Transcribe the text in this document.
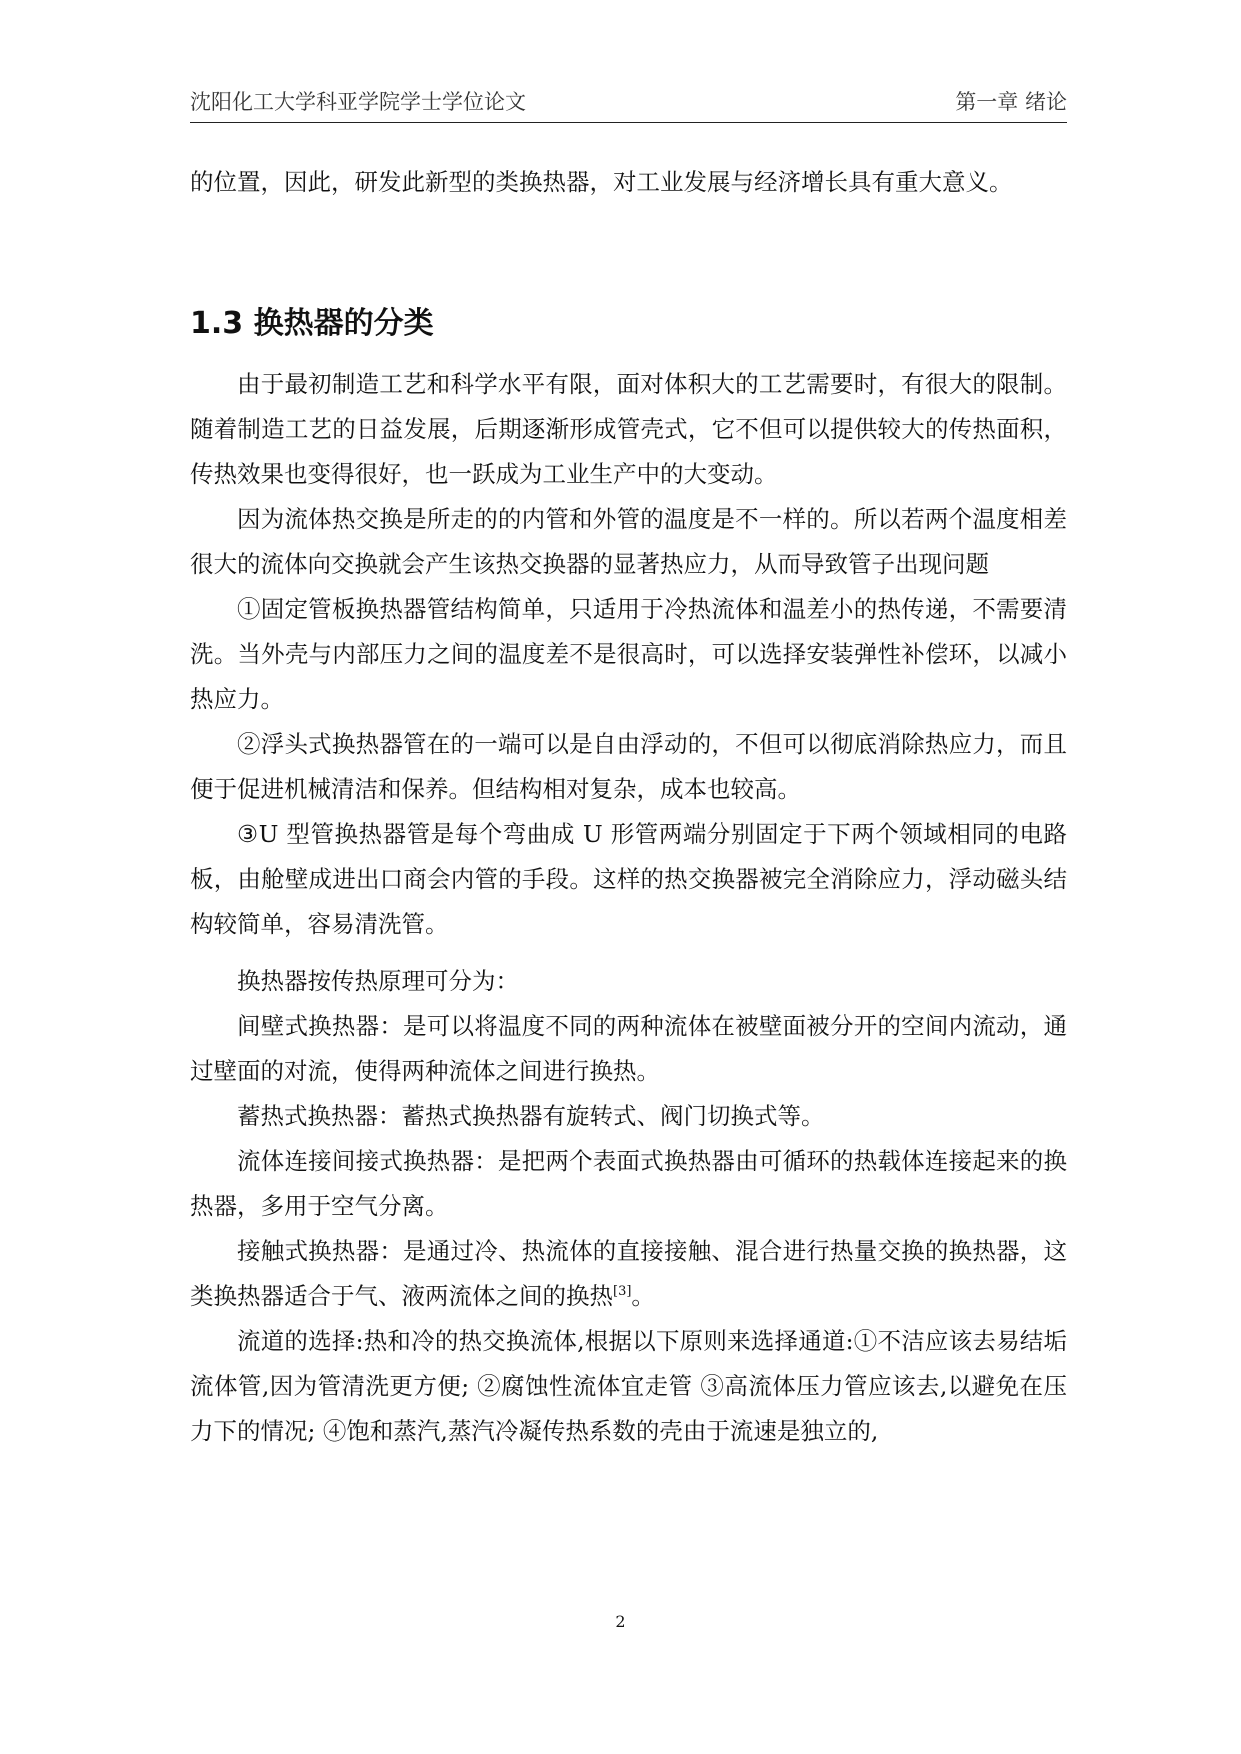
沈阳化工大学科亚学院学士学位论文	第一章 绪论

的位置，因此，研发此新型的类换热器，对工业发展与经济增长具有重大意义。

1.3 换热器的分类

由于最初制造工艺和科学水平有限，面对体积大的工艺需要时，有很大的限制。随着制造工艺的日益发展，后期逐渐形成管壳式，它不但可以提供较大的传热面积，传热效果也变得很好，也一跃成为工业生产中的大变动。

因为流体热交换是所走的的内管和外管的温度是不一样的。所以若两个温度相差很大的流体向交换就会产生该热交换器的显著热应力，从而导致管子出现问题

①固定管板换热器管结构简单，只适用于冷热流体和温差小的热传递，不需要清洗。当外壳与内部压力之间的温度差不是很高时，可以选择安装弹性补偿环，以减小热应力。

②浮头式换热器管在的一端可以是自由浮动的，不但可以彻底消除热应力，而且便于促进机械清洁和保养。但结构相对复杂，成本也较高。

③U 型管换热器管是每个弯曲成 U 形管两端分别固定于下两个领域相同的电路板，由舱壁成进出口商会内管的手段。这样的热交换器被完全消除应力，浮动磁头结构较简单，容易清洗管。

换热器按传热原理可分为：

间壁式换热器：是可以将温度不同的两种流体在被壁面被分开的空间内流动，通过壁面的对流，使得两种流体之间进行换热。

蓄热式换热器：蓄热式换热器有旋转式、阀门切换式等。

流体连接间接式换热器：是把两个表面式换热器由可循环的热载体连接起来的换热器，多用于空气分离。

接触式换热器：是通过冷、热流体的直接接触、混合进行热量交换的换热器，这类换热器适合于气、液两流体之间的换热[3]。

流道的选择:热和冷的热交换流体,根据以下原则来选择通道:①不洁应该去易结垢流体管,因为管清洗更方便; ②腐蚀性流体宜走管 ③高流体压力管应该去,以避免在压力下的情况; ④饱和蒸汽,蒸汽冷凝传热系数的壳由于流速是独立的,

2
